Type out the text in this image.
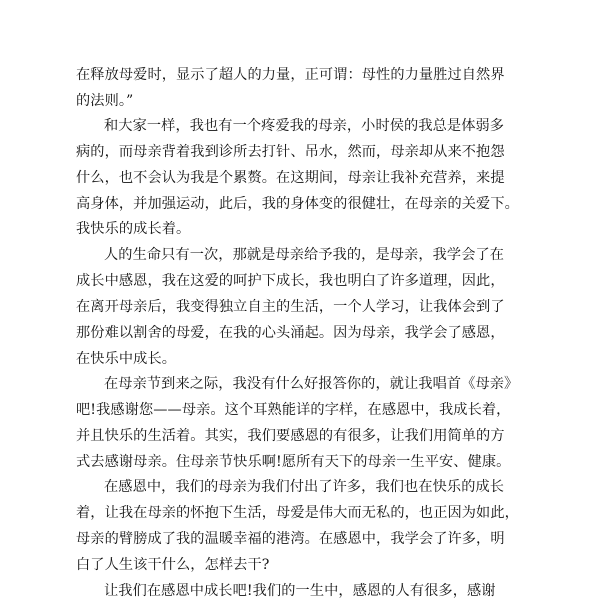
在释放母爱时，显示了超人的力量，正可谓：母性的力量胜过自然界
的法则。”
和大家一样，我也有一个疼爱我的母亲，小时侯的我总是体弱多
病的，而母亲背着我到诊所去打针、吊水，然而，母亲却从来不抱怨
什么，也不会认为我是个累赘。在这期间，母亲让我补充营养，来提
高身体，并加强运动，此后，我的身体变的很健壮，在母亲的关爱下。
我快乐的成长着。
人的生命只有一次，那就是母亲给予我的，是母亲，我学会了在
成长中感恩，我在这爱的呵护下成长，我也明白了许多道理，因此，
在离开母亲后，我变得独立自主的生活，一个人学习，让我体会到了
那份难以割舍的母爱，在我的心头涌起。因为母亲，我学会了感恩，
在快乐中成长。
在母亲节到来之际，我没有什么好报答你的，就让我唱首《母亲》
吧!我感谢您——母亲。这个耳熟能详的字样，在感恩中，我成长着，
并且快乐的生活着。其实，我们要感恩的有很多，让我们用简单的方
式去感谢母亲。住母亲节快乐啊!愿所有天下的母亲一生平安、健康。
在感恩中，我们的母亲为我们付出了许多，我们也在快乐的成长
着，让我在母亲的怀抱下生活，母爱是伟大而无私的，也正因为如此，
母亲的臂膀成了我的温暖幸福的港湾。在感恩中，我学会了许多，明
白了人生该干什么，怎样去干?
让我们在感恩中成长吧!我们的一生中，感恩的人有很多，感谢
